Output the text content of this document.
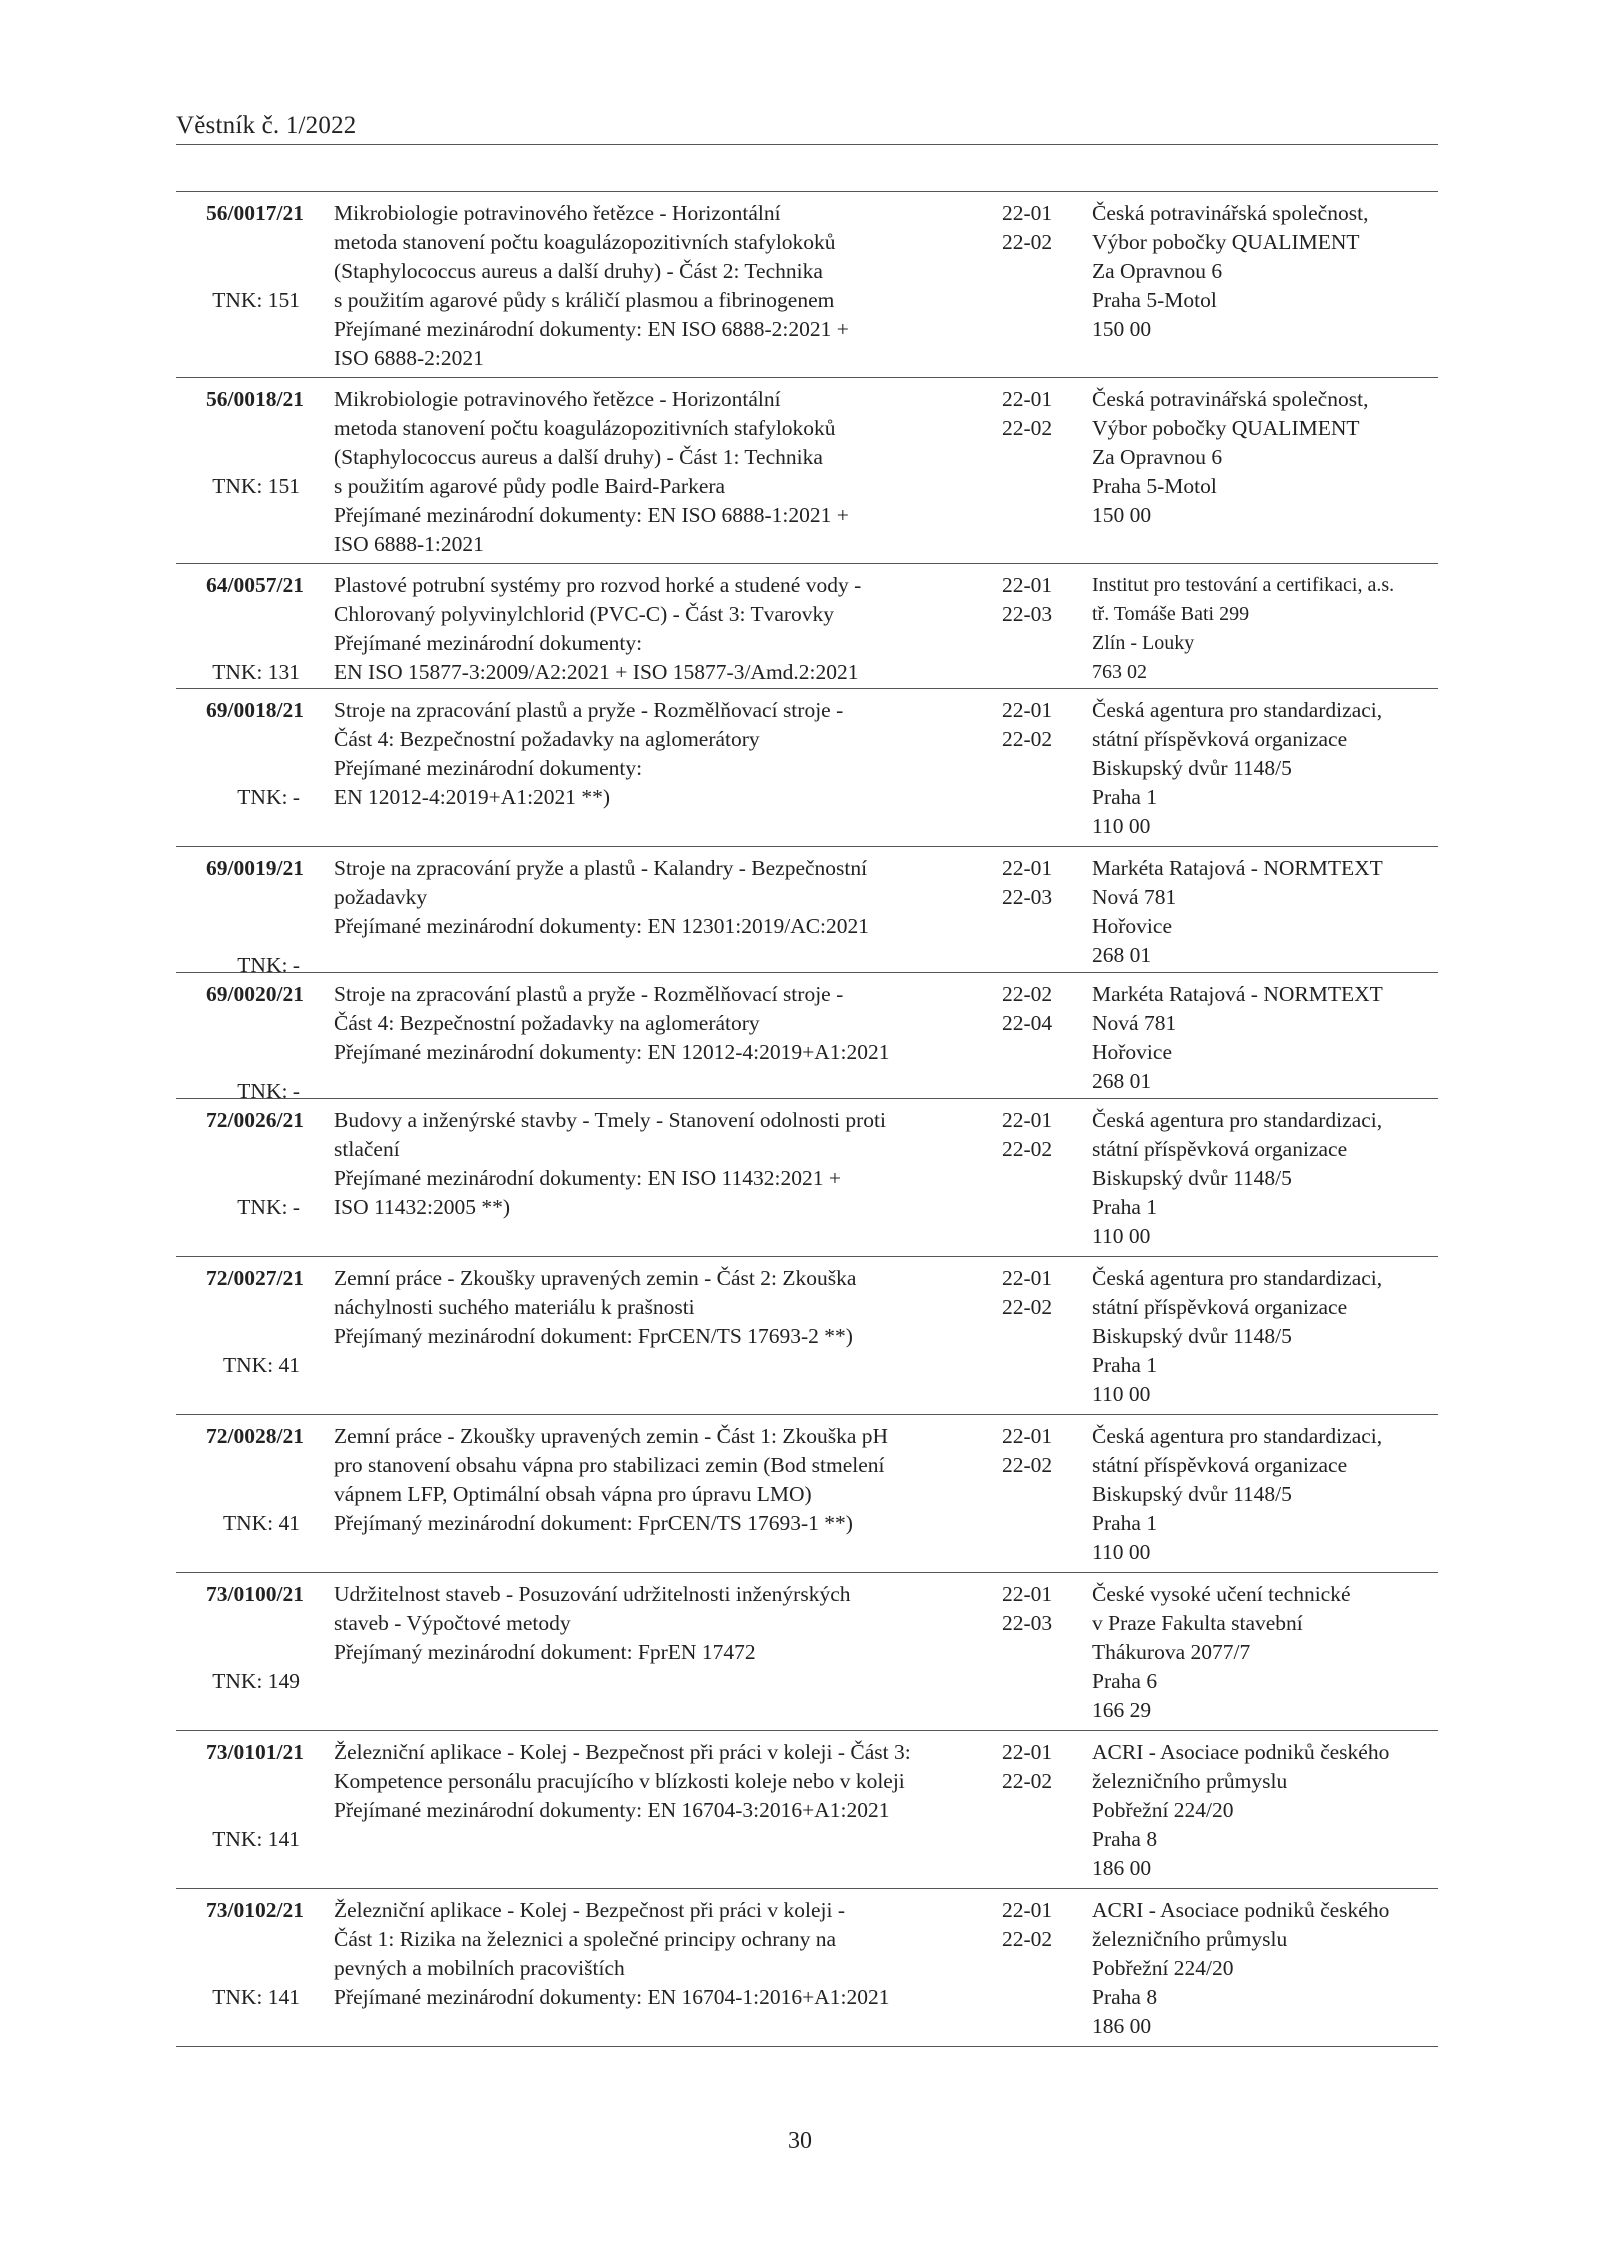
Věstník č. 1/2022
56/0017/21
TNK: 151
Mikrobiologie potravinového řetězce - Horizontální
metoda stanovení počtu koagulázopozitivních stafylokoků
(Staphylococcus aureus a další druhy) - Část 2: Technika
s použitím agarové půdy s králičí plasmou a fibrinogenem
Přejímané mezinárodní dokumenty: EN ISO 6888-2:2021 +
ISO 6888-2:2021
22-01
22-02
Česká potravinářská společnost,
Výbor pobočky QUALIMENT
Za Opravnou 6
Praha 5-Motol
150 00
56/0018/21
TNK: 151
Mikrobiologie potravinového řetězce - Horizontální
metoda stanovení počtu koagulázopozitivních stafylokoků
(Staphylococcus aureus a další druhy) - Část 1: Technika
s použitím agarové půdy podle Baird-Parkera
Přejímané mezinárodní dokumenty: EN ISO 6888-1:2021 +
ISO 6888-1:2021
22-01
22-02
Česká potravinářská společnost,
Výbor pobočky QUALIMENT
Za Opravnou 6
Praha 5-Motol
150 00
64/0057/21
TNK: 131
Plastové potrubní systémy pro rozvod horké a studené vody -
Chlorovaný polyvinylchlorid (PVC-C) - Část 3: Tvarovky
Přejímané mezinárodní dokumenty:
EN ISO 15877-3:2009/A2:2021 + ISO 15877-3/Amd.2:2021
22-01
22-03
Institut pro testování a certifikaci, a.s.
tř. Tomáše Bati 299
Zlín - Louky
763 02
69/0018/21
TNK: -
Stroje na zpracování plastů a pryže - Rozmělňovací stroje -
Část 4: Bezpečnostní požadavky na aglomerátory
Přejímané mezinárodní dokumenty:
EN 12012-4:2019+A1:2021 **)
22-01
22-02
Česká agentura pro standardizaci,
státní příspěvková organizace
Biskupský dvůr 1148/5
Praha 1
110 00
69/0019/21
TNK: -
Stroje na zpracování pryže a plastů - Kalandry - Bezpečnostní
požadavky
Přejímané mezinárodní dokumenty: EN 12301:2019/AC:2021
22-01
22-03
Markéta Ratajová - NORMTEXT
Nová 781
Hořovice
268 01
69/0020/21
TNK: -
Stroje na zpracování plastů a pryže - Rozmělňovací stroje -
Část 4: Bezpečnostní požadavky na aglomerátory
Přejímané mezinárodní dokumenty: EN 12012-4:2019+A1:2021
22-02
22-04
Markéta Ratajová - NORMTEXT
Nová 781
Hořovice
268 01
72/0026/21
TNK: -
Budovy a inženýrské stavby - Tmely - Stanovení odolnosti proti
stlačení
Přejímané mezinárodní dokumenty: EN ISO 11432:2021 +
ISO 11432:2005 **)
22-01
22-02
Česká agentura pro standardizaci,
státní příspěvková organizace
Biskupský dvůr 1148/5
Praha 1
110 00
72/0027/21
TNK: 41
Zemní práce - Zkoušky upravených zemin - Část 2: Zkouška
náchylnosti suchého materiálu k prašnosti
Přejímaný mezinárodní dokument: FprCEN/TS 17693-2 **)
22-01
22-02
Česká agentura pro standardizaci,
státní příspěvková organizace
Biskupský dvůr 1148/5
Praha 1
110 00
72/0028/21
TNK: 41
Zemní práce - Zkoušky upravených zemin - Část 1: Zkouška pH
pro stanovení obsahu vápna pro stabilizaci zemin (Bod stmelení
vápnem LFP, Optimální obsah vápna pro úpravu LMO)
Přejímaný mezinárodní dokument: FprCEN/TS 17693-1 **)
22-01
22-02
Česká agentura pro standardizaci,
státní příspěvková organizace
Biskupský dvůr 1148/5
Praha 1
110 00
73/0100/21
TNK: 149
Udržitelnost staveb - Posuzování udržitelnosti inženýrských
staveb - Výpočtové metody
Přejímaný mezinárodní dokument: FprEN 17472
22-01
22-03
České vysoké učení technické
v Praze Fakulta stavební
Thákurova 2077/7
Praha 6
166 29
73/0101/21
TNK: 141
Železniční aplikace - Kolej - Bezpečnost při práci v koleji - Část 3:
Kompetence personálu pracujícího v blízkosti koleje nebo v koleji
Přejímané mezinárodní dokumenty: EN 16704-3:2016+A1:2021
22-01
22-02
ACRI - Asociace podniků českého
železničního průmyslu
Pobřežní 224/20
Praha 8
186 00
73/0102/21
TNK: 141
Železniční aplikace - Kolej - Bezpečnost při práci v koleji -
Část 1: Rizika na železnici a společné principy ochrany na
pevných a mobilních pracovištích
Přejímané mezinárodní dokumenty: EN 16704-1:2016+A1:2021
22-01
22-02
ACRI - Asociace podniků českého
železničního průmyslu
Pobřežní 224/20
Praha 8
186 00
30
